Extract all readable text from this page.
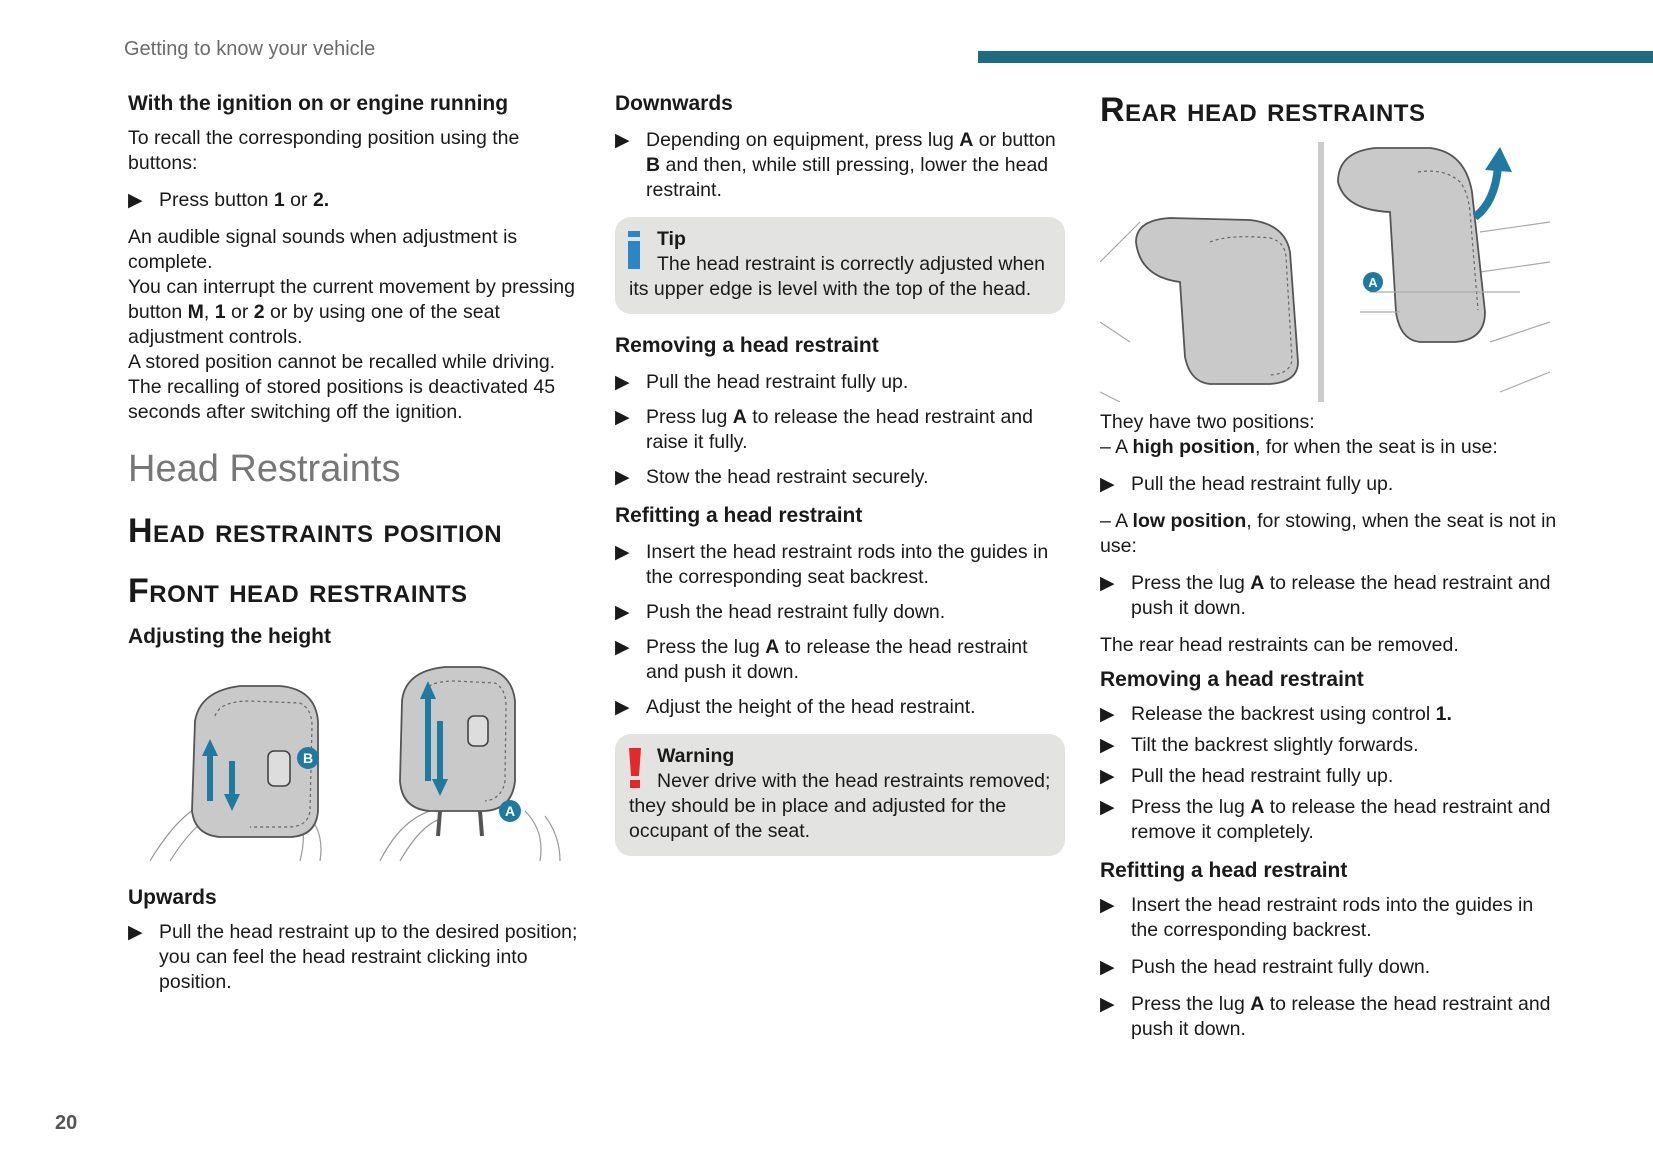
Getting to know your vehicle
With the ignition on or engine running

To recall the corresponding position using the buttons:

▶ Press button 1 or 2.

An audible signal sounds when adjustment is complete.

You can interrupt the current movement by pressing button M, 1 or 2 or by using one of the seat adjustment controls.

A stored position cannot be recalled while driving.

The recalling of stored positions is deactivated 45 seconds after switching off the ignition.

Head Restraints
Head restraints position
Front head restraints
Adjusting the height
B
A
Upwards
▶ Pull the head restraint up to the desired position; you can feel the head restraint clicking into position.
Downwards
▶ Depending on equipment, press lug A or button B and then, while still pressing, lower the head restraint.
Tip
The head restraint is correctly adjusted when its upper edge is level with the top of the head.
Removing a head restraint
▶ Pull the head restraint fully up.
▶ Press lug A to release the head restraint and raise it fully.
▶ Stow the head restraint securely.
Refitting a head restraint
▶ Insert the head restraint rods into the guides in the corresponding seat backrest.
▶ Push the head restraint fully down.
▶ Press the lug A to release the head restraint and push it down.
▶ Adjust the height of the head restraint.
Warning
Never drive with the head restraints removed; they should be in place and adjusted for the occupant of the seat.
Rear head restraints
A

They have two positions:

– A high position, for when the seat is in use:

▶ Pull the head restraint fully up.

– A low position, for stowing, when the seat is not in use:

▶ Press the lug A to release the head restraint and push it down.

The rear head restraints can be removed.

Removing a head restraint
▶ Release the backrest using control 1.
▶ Tilt the backrest slightly forwards.
▶ Pull the head restraint fully up.
▶ Press the lug A to release the head restraint and remove it completely.
Refitting a head restraint
▶ Insert the head restraint rods into the guides in the corresponding backrest.
▶ Push the head restraint fully down.
▶ Press the lug A to release the head restraint and push it down.
20
